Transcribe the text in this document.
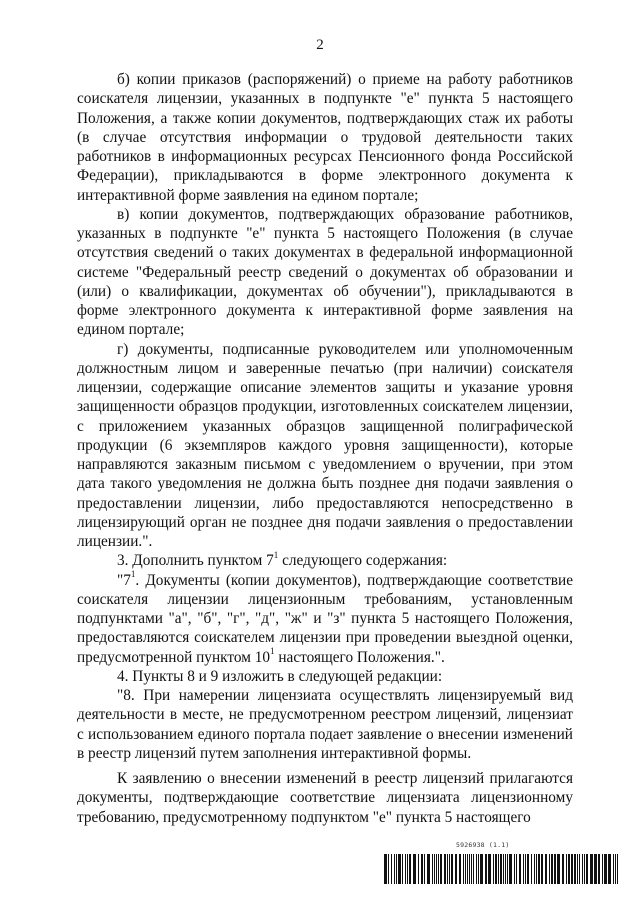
2

б) копии приказов (распоряжений) о приеме на работу работников соискателя лицензии, указанных в подпункте "е" пункта 5 настоящего Положения, а также копии документов, подтверждающих стаж их работы (в случае отсутствия информации о трудовой деятельности таких работников в информационных ресурсах Пенсионного фонда Российской Федерации), прикладываются в форме электронного документа к интерактивной форме заявления на едином портале;

в) копии документов, подтверждающих образование работников, указанных в подпункте "е" пункта 5 настоящего Положения (в случае отсутствия сведений о таких документах в федеральной информационной системе "Федеральный реестр сведений о документах об образовании и (или) о квалификации, документах об обучении"), прикладываются в форме электронного документа к интерактивной форме заявления на едином портале;

г) документы, подписанные руководителем или уполномоченным должностным лицом и заверенные печатью (при наличии) соискателя лицензии, содержащие описание элементов защиты и указание уровня защищенности образцов продукции, изготовленных соискателем лицензии, с приложением указанных образцов защищенной полиграфической продукции (6 экземпляров каждого уровня защищенности), которые направляются заказным письмом с уведомлением о вручении, при этом дата такого уведомления не должна быть позднее дня подачи заявления о предоставлении лицензии, либо предоставляются непосредственно в лицензирующий орган не позднее дня подачи заявления о предоставлении лицензии.".

3. Дополнить пунктом $7^1$ следующего содержания:

"$7^1$. Документы (копии документов), подтверждающие соответствие соискателя лицензии лицензионным требованиям, установленным подпунктами "а", "б", "г", "д", "ж" и "з" пункта 5 настоящего Положения, предоставляются соискателем лицензии при проведении выездной оценки, предусмотренной пунктом $10^1$ настоящего Положения.".

4. Пункты 8 и 9 изложить в следующей редакции:

"8. При намерении лицензиата осуществлять лицензируемый вид деятельности в месте, не предусмотренном реестром лицензий, лицензиат с использованием единого портала подает заявление о внесении изменений в реестр лицензий путем заполнения интерактивной формы.

К заявлению о внесении изменений в реестр лицензий прилагаются документы, подтверждающие соответствие лицензиата лицензионному требованию, предусмотренному подпунктом "е" пункта 5 настоящего

5926938 (1.1)
